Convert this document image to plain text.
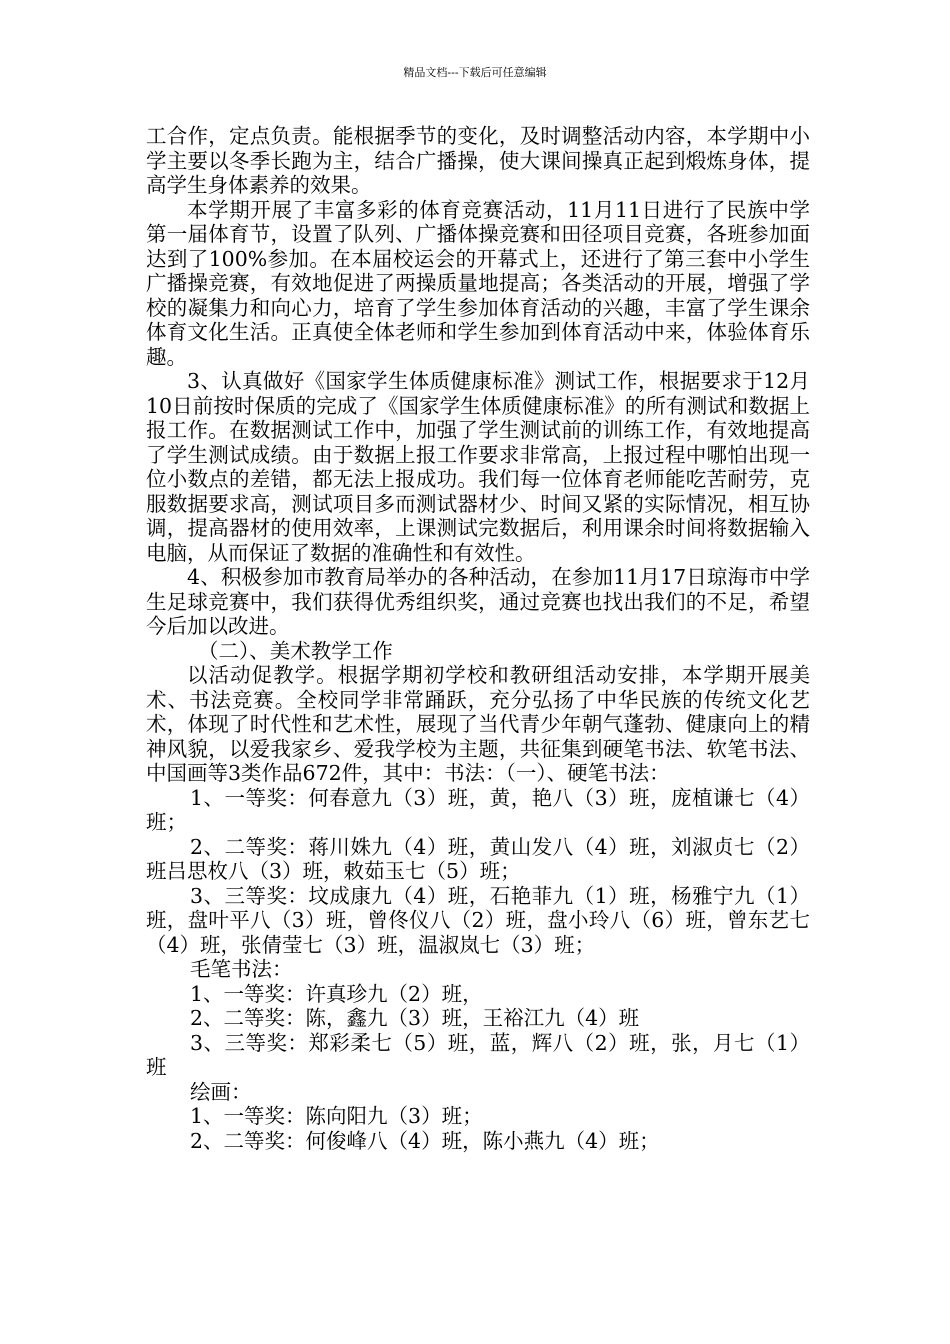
精品文档---下载后可任意编辑

工合作，定点负责。能根据季节的变化，及时调整活动内容，本学期中小学主要以冬季长跑为主，结合广播操，使大课间操真正起到煅炼身体，提高学生身体素养的效果。

本学期开展了丰富多彩的体育竞赛活动，11月11日进行了民族中学第一届体育节，设置了队列、广播体操竞赛和田径项目竞赛，各班参加面达到了100%参加。在本届校运会的开幕式上，还进行了第三套中小学生广播操竞赛，有效地促进了两操质量地提高；各类活动的开展，增强了学校的凝集力和向心力，培育了学生参加体育活动的兴趣，丰富了学生课余体育文化生活。正真使全体老师和学生参加到体育活动中来，体验体育乐趣。

3、认真做好《国家学生体质健康标准》测试工作，根据要求于12月10日前按时保质的完成了《国家学生体质健康标准》的所有测试和数据上报工作。在数据测试工作中，加强了学生测试前的训练工作，有效地提高了学生测试成绩。由于数据上报工作要求非常高，上报过程中哪怕出现一位小数点的差错，都无法上报成功。我们每一位体育老师能吃苦耐劳，克服数据要求高，测试项目多而测试器材少、时间又紧的实际情况，相互协调，提高器材的使用效率，上课测试完数据后，利用课余时间将数据输入电脑，从而保证了数据的准确性和有效性。

4、积极参加市教育局举办的各种活动，在参加11月17日琼海市中学生足球竞赛中，我们获得优秀组织奖，通过竞赛也找出我们的不足，希望今后加以改进。

（二）、美术教学工作

以活动促教学。根据学期初学校和教研组活动安排，本学期开展美术、书法竞赛。全校同学非常踊跃，充分弘扬了中华民族的传统文化艺术，体现了时代性和艺术性，展现了当代青少年朝气蓬勃、健康向上的精神风貌，以爱我家乡、爱我学校为主题，共征集到硬笔书法、软笔书法、中国画等3类作品672件，其中：书法：（一）、硬笔书法：

1、一等奖：何春意九（3）班，黄，艳八（3）班，庞植谦七（4）班；

2、二等奖：蒋川姝九（4）班，黄山发八（4）班，刘淑贞七（2）班吕思枚八（3）班，敕茹玉七（5）班；

3、三等奖：坟成康九（4）班，石艳菲九（1）班，杨雅宁九（1）班，盘叶平八（3）班，曾佟仪八（2）班，盘小玲八（6）班，曾东艺七（4）班，张倩莹七（3）班，温淑岚七（3）班；

毛笔书法：

1、一等奖：许真珍九（2）班，

2、二等奖：陈，鑫九（3）班，王裕江九（4）班

3、三等奖：郑彩柔七（5）班，蓝，辉八（2）班，张，月七（1）班

绘画：

1、一等奖：陈向阳九（3）班；

2、二等奖：何俊峰八（4）班，陈小燕九（4）班；
